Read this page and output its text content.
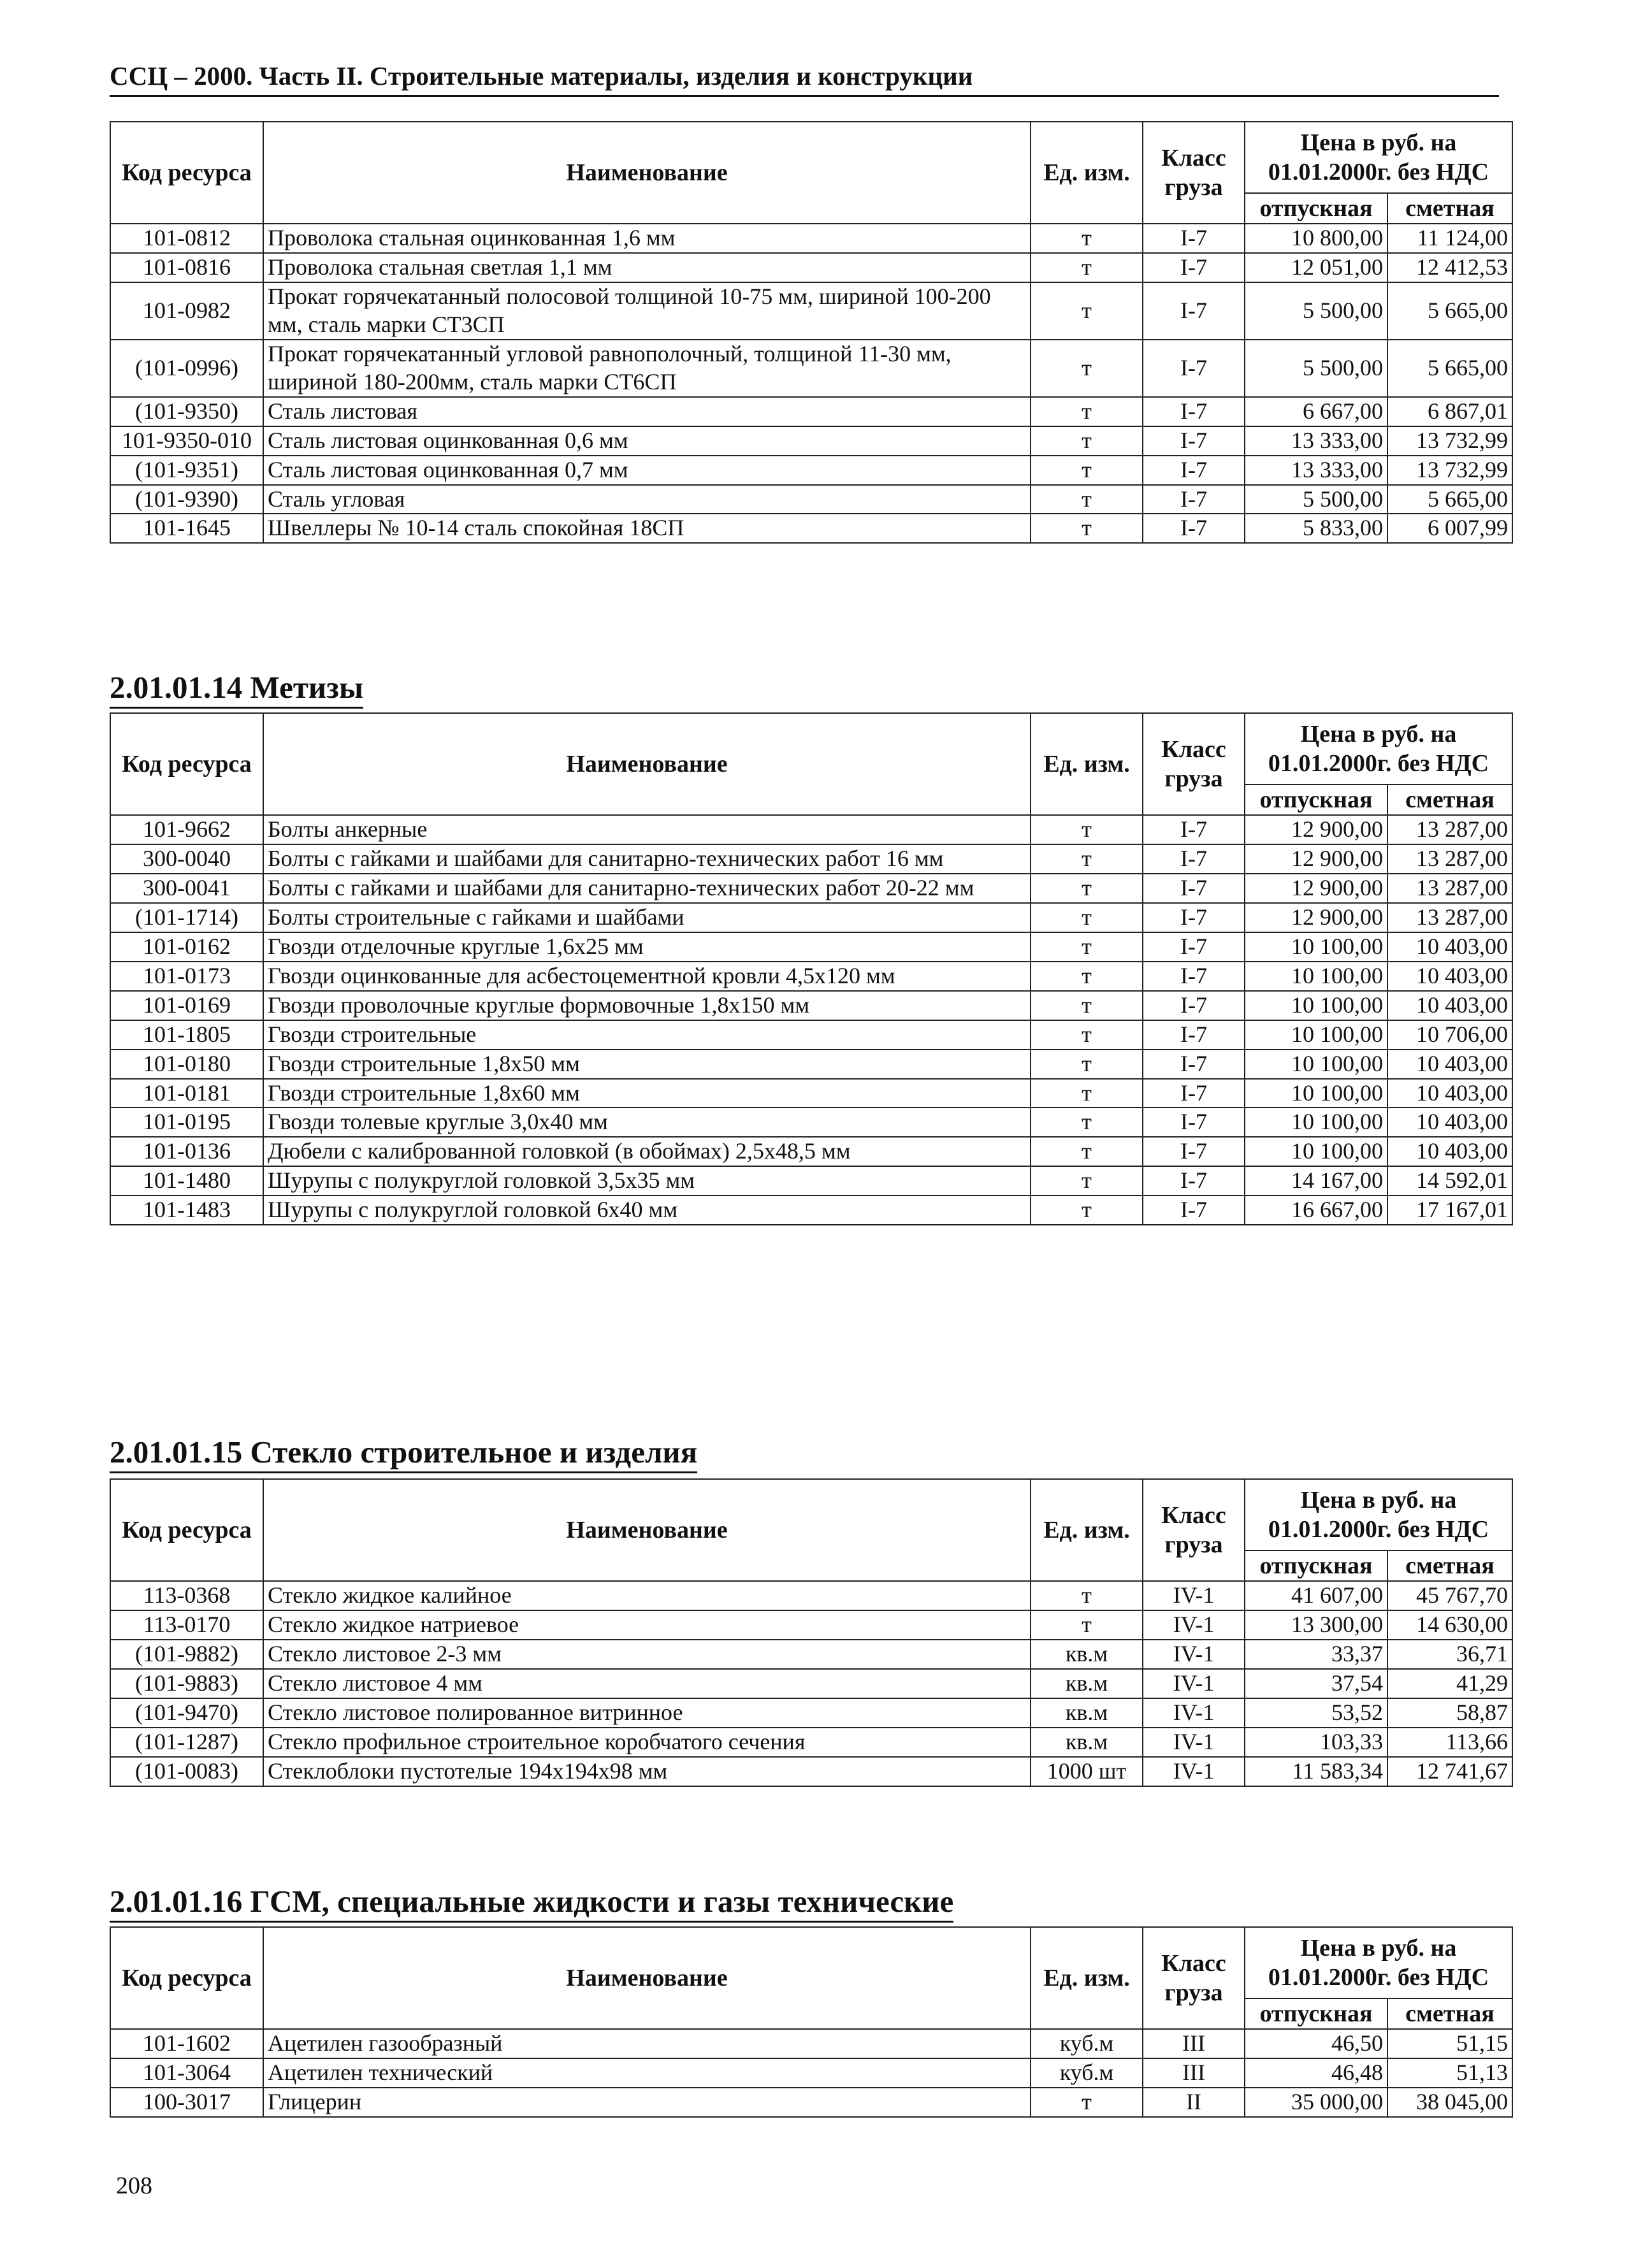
ССЦ – 2000. Часть II. Строительные материалы, изделия и конструкции
Код ресурса	Наименование	Ед. изм.	Класс груза	Цена в руб. на 01.01.2000г. без НДС	
				отпускная	сметная
101-0812	Проволока стальная оцинкованная 1,6 мм	т	I-7	10 800,00	11 124,00
101-0816	Проволока стальная светлая 1,1 мм	т	I-7	12 051,00	12 412,53
101-0982	Прокат горячекатанный полосовой толщиной 10-75 мм, шириной 100-200 мм, сталь марки СТ3СП	т	I-7	5 500,00	5 665,00
(101-0996)	Прокат горячекатанный угловой равнополочный, толщиной 11-30 мм, шириной 180-200мм, сталь марки СТ6СП	т	I-7	5 500,00	5 665,00
(101-9350)	Сталь листовая	т	I-7	6 667,00	6 867,01
101-9350-010	Сталь листовая оцинкованная 0,6 мм	т	I-7	13 333,00	13 732,99
(101-9351)	Сталь листовая оцинкованная 0,7 мм	т	I-7	13 333,00	13 732,99
(101-9390)	Сталь угловая	т	I-7	5 500,00	5 665,00
101-1645	Швеллеры № 10-14 сталь спокойная 18СП	т	I-7	5 833,00	6 007,99
2.01.01.14 Метизы
Код ресурса	Наименование	Ед. изм.	Класс груза	Цена в руб. на 01.01.2000г. без НДС	
				отпускная	сметная
101-9662	Болты анкерные	т	I-7	12 900,00	13 287,00
300-0040	Болты с гайками и шайбами для санитарно-технических работ 16 мм	т	I-7	12 900,00	13 287,00
300-0041	Болты с гайками и шайбами для санитарно-технических работ 20-22 мм	т	I-7	12 900,00	13 287,00
(101-1714)	Болты строительные с гайками и шайбами	т	I-7	12 900,00	13 287,00
101-0162	Гвозди отделочные круглые 1,6х25 мм	т	I-7	10 100,00	10 403,00
101-0173	Гвозди оцинкованные для асбестоцементной кровли 4,5х120 мм	т	I-7	10 100,00	10 403,00
101-0169	Гвозди проволочные круглые формовочные 1,8х150 мм	т	I-7	10 100,00	10 403,00
101-1805	Гвозди строительные	т	I-7	10 100,00	10 706,00
101-0180	Гвозди строительные 1,8х50 мм	т	I-7	10 100,00	10 403,00
101-0181	Гвозди строительные 1,8х60 мм	т	I-7	10 100,00	10 403,00
101-0195	Гвозди толевые круглые 3,0х40 мм	т	I-7	10 100,00	10 403,00
101-0136	Дюбели с калиброванной головкой (в обоймах) 2,5х48,5 мм	т	I-7	10 100,00	10 403,00
101-1480	Шурупы с полукруглой головкой 3,5х35 мм	т	I-7	14 167,00	14 592,01
101-1483	Шурупы с полукруглой головкой 6х40 мм	т	I-7	16 667,00	17 167,01
2.01.01.15 Стекло строительное и изделия
Код ресурса	Наименование	Ед. изм.	Класс груза	Цена в руб. на 01.01.2000г. без НДС	
				отпускная	сметная
113-0368	Стекло жидкое калийное	т	IV-1	41 607,00	45 767,70
113-0170	Стекло жидкое натриевое	т	IV-1	13 300,00	14 630,00
(101-9882)	Стекло листовое 2-3 мм	кв.м	IV-1	33,37	36,71
(101-9883)	Стекло листовое 4 мм	кв.м	IV-1	37,54	41,29
(101-9470)	Стекло листовое полированное витринное	кв.м	IV-1	53,52	58,87
(101-1287)	Стекло профильное строительное коробчатого сечения	кв.м	IV-1	103,33	113,66
(101-0083)	Стеклоблоки пустотелые 194х194х98 мм	1000 шт	IV-1	11 583,34	12 741,67
2.01.01.16 ГСМ, специальные жидкости и газы технические
Код ресурса	Наименование	Ед. изм.	Класс груза	Цена в руб. на 01.01.2000г. без НДС	
				отпускная	сметная
101-1602	Ацетилен газообразный	куб.м	III	46,50	51,15
101-3064	Ацетилен технический	куб.м	III	46,48	51,13
100-3017	Глицерин	т	II	35 000,00	38 045,00
208
